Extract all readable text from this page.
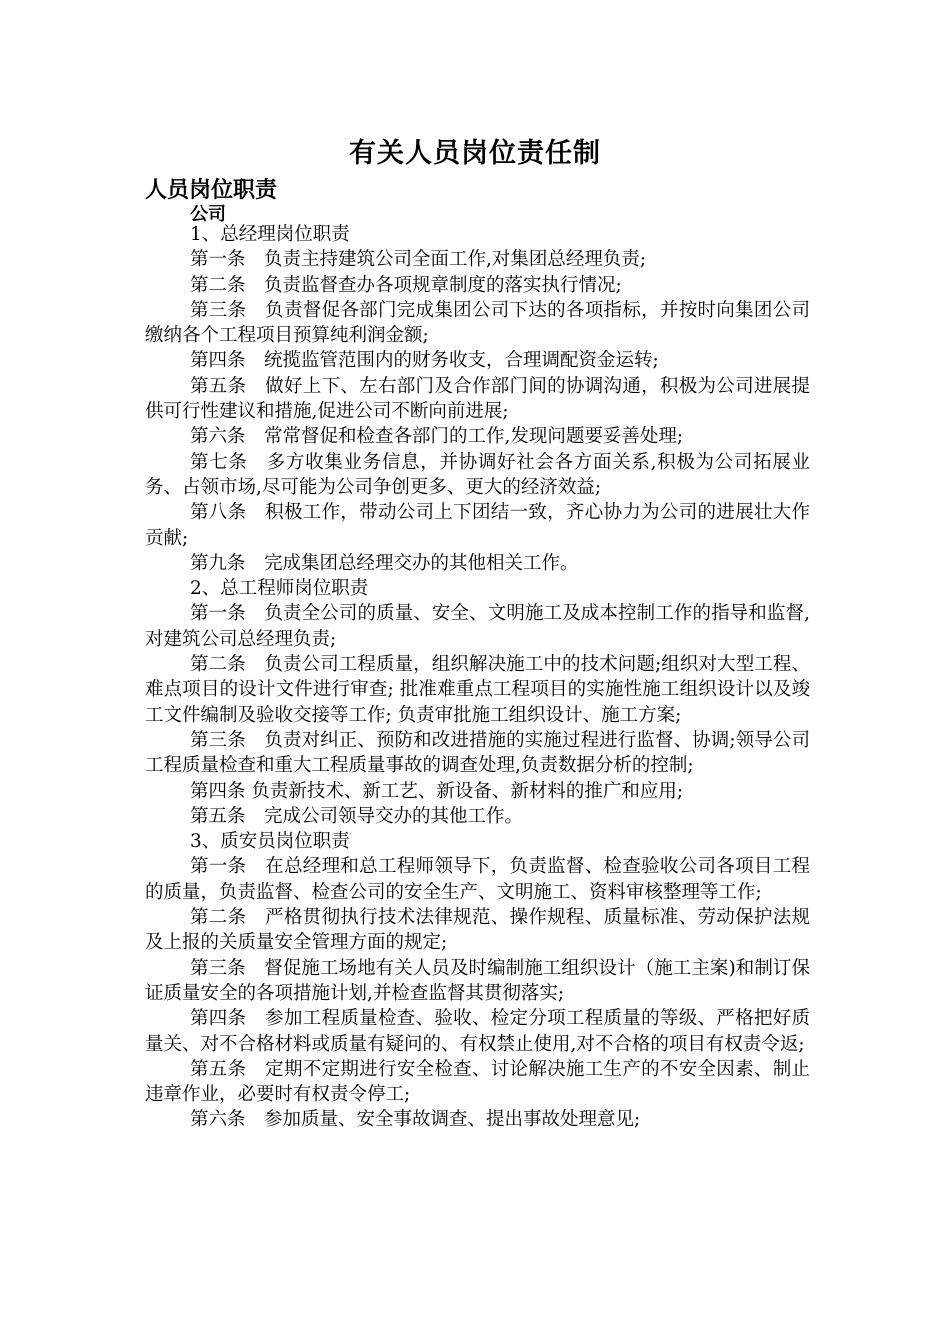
有关人员岗位责任制
人员岗位职责
公司

1、总经理岗位职责

第一条　负责主持建筑公司全面工作,对集团总经理负责;

第二条　负责监督查办各项规章制度的落实执行情况;

第三条　负责督促各部门完成集团公司下达的各项指标，并按时向集团公司缴纳各个工程项目预算纯利润金额;

第四条　统揽监管范围内的财务收支，合理调配资金运转;

第五条　做好上下、左右部门及合作部门间的协调沟通，积极为公司进展提供可行性建议和措施,促进公司不断向前进展;

第六条　常常督促和检查各部门的工作,发现问题要妥善处理;

第七条　多方收集业务信息，并协调好社会各方面关系,积极为公司拓展业务、占领市场,尽可能为公司争创更多、更大的经济效益;

第八条　积极工作，带动公司上下团结一致，齐心协力为公司的进展壮大作贡献;

第九条　完成集团总经理交办的其他相关工作。

2、总工程师岗位职责

第一条　负责全公司的质量、安全、文明施工及成本控制工作的指导和监督,对建筑公司总经理负责;

第二条　负责公司工程质量，组织解决施工中的技术问题;组织对大型工程、难点项目的设计文件进行审查; 批准难重点工程项目的实施性施工组织设计以及竣工文件编制及验收交接等工作; 负责审批施工组织设计、施工方案;

第三条　负责对纠正、预防和改进措施的实施过程进行监督、协调;领导公司工程质量检查和重大工程质量事故的调查处理,负责数据分析的控制;

第四条 负责新技术、新工艺、新设备、新材料的推广和应用;

第五条　完成公司领导交办的其他工作。

3、质安员岗位职责

第一条　在总经理和总工程师领导下，负责监督、检查验收公司各项目工程的质量，负责监督、检查公司的安全生产、文明施工、资料审核整理等工作;

第二条　严格贯彻执行技术法律规范、操作规程、质量标准、劳动保护法规及上报的关质量安全管理方面的规定;

第三条　督促施工场地有关人员及时编制施工组织设计（施工主案)和制订保证质量安全的各项措施计划,并检查监督其贯彻落实;

第四条　参加工程质量检查、验收、检定分项工程质量的等级、严格把好质量关、对不合格材料或质量有疑问的、有权禁止使用,对不合格的项目有权责令返;

第五条　定期不定期进行安全检查、讨论解决施工生产的不安全因素、制止违章作业，必要时有权责令停工;

第六条　参加质量、安全事故调查、提出事故处理意见;
